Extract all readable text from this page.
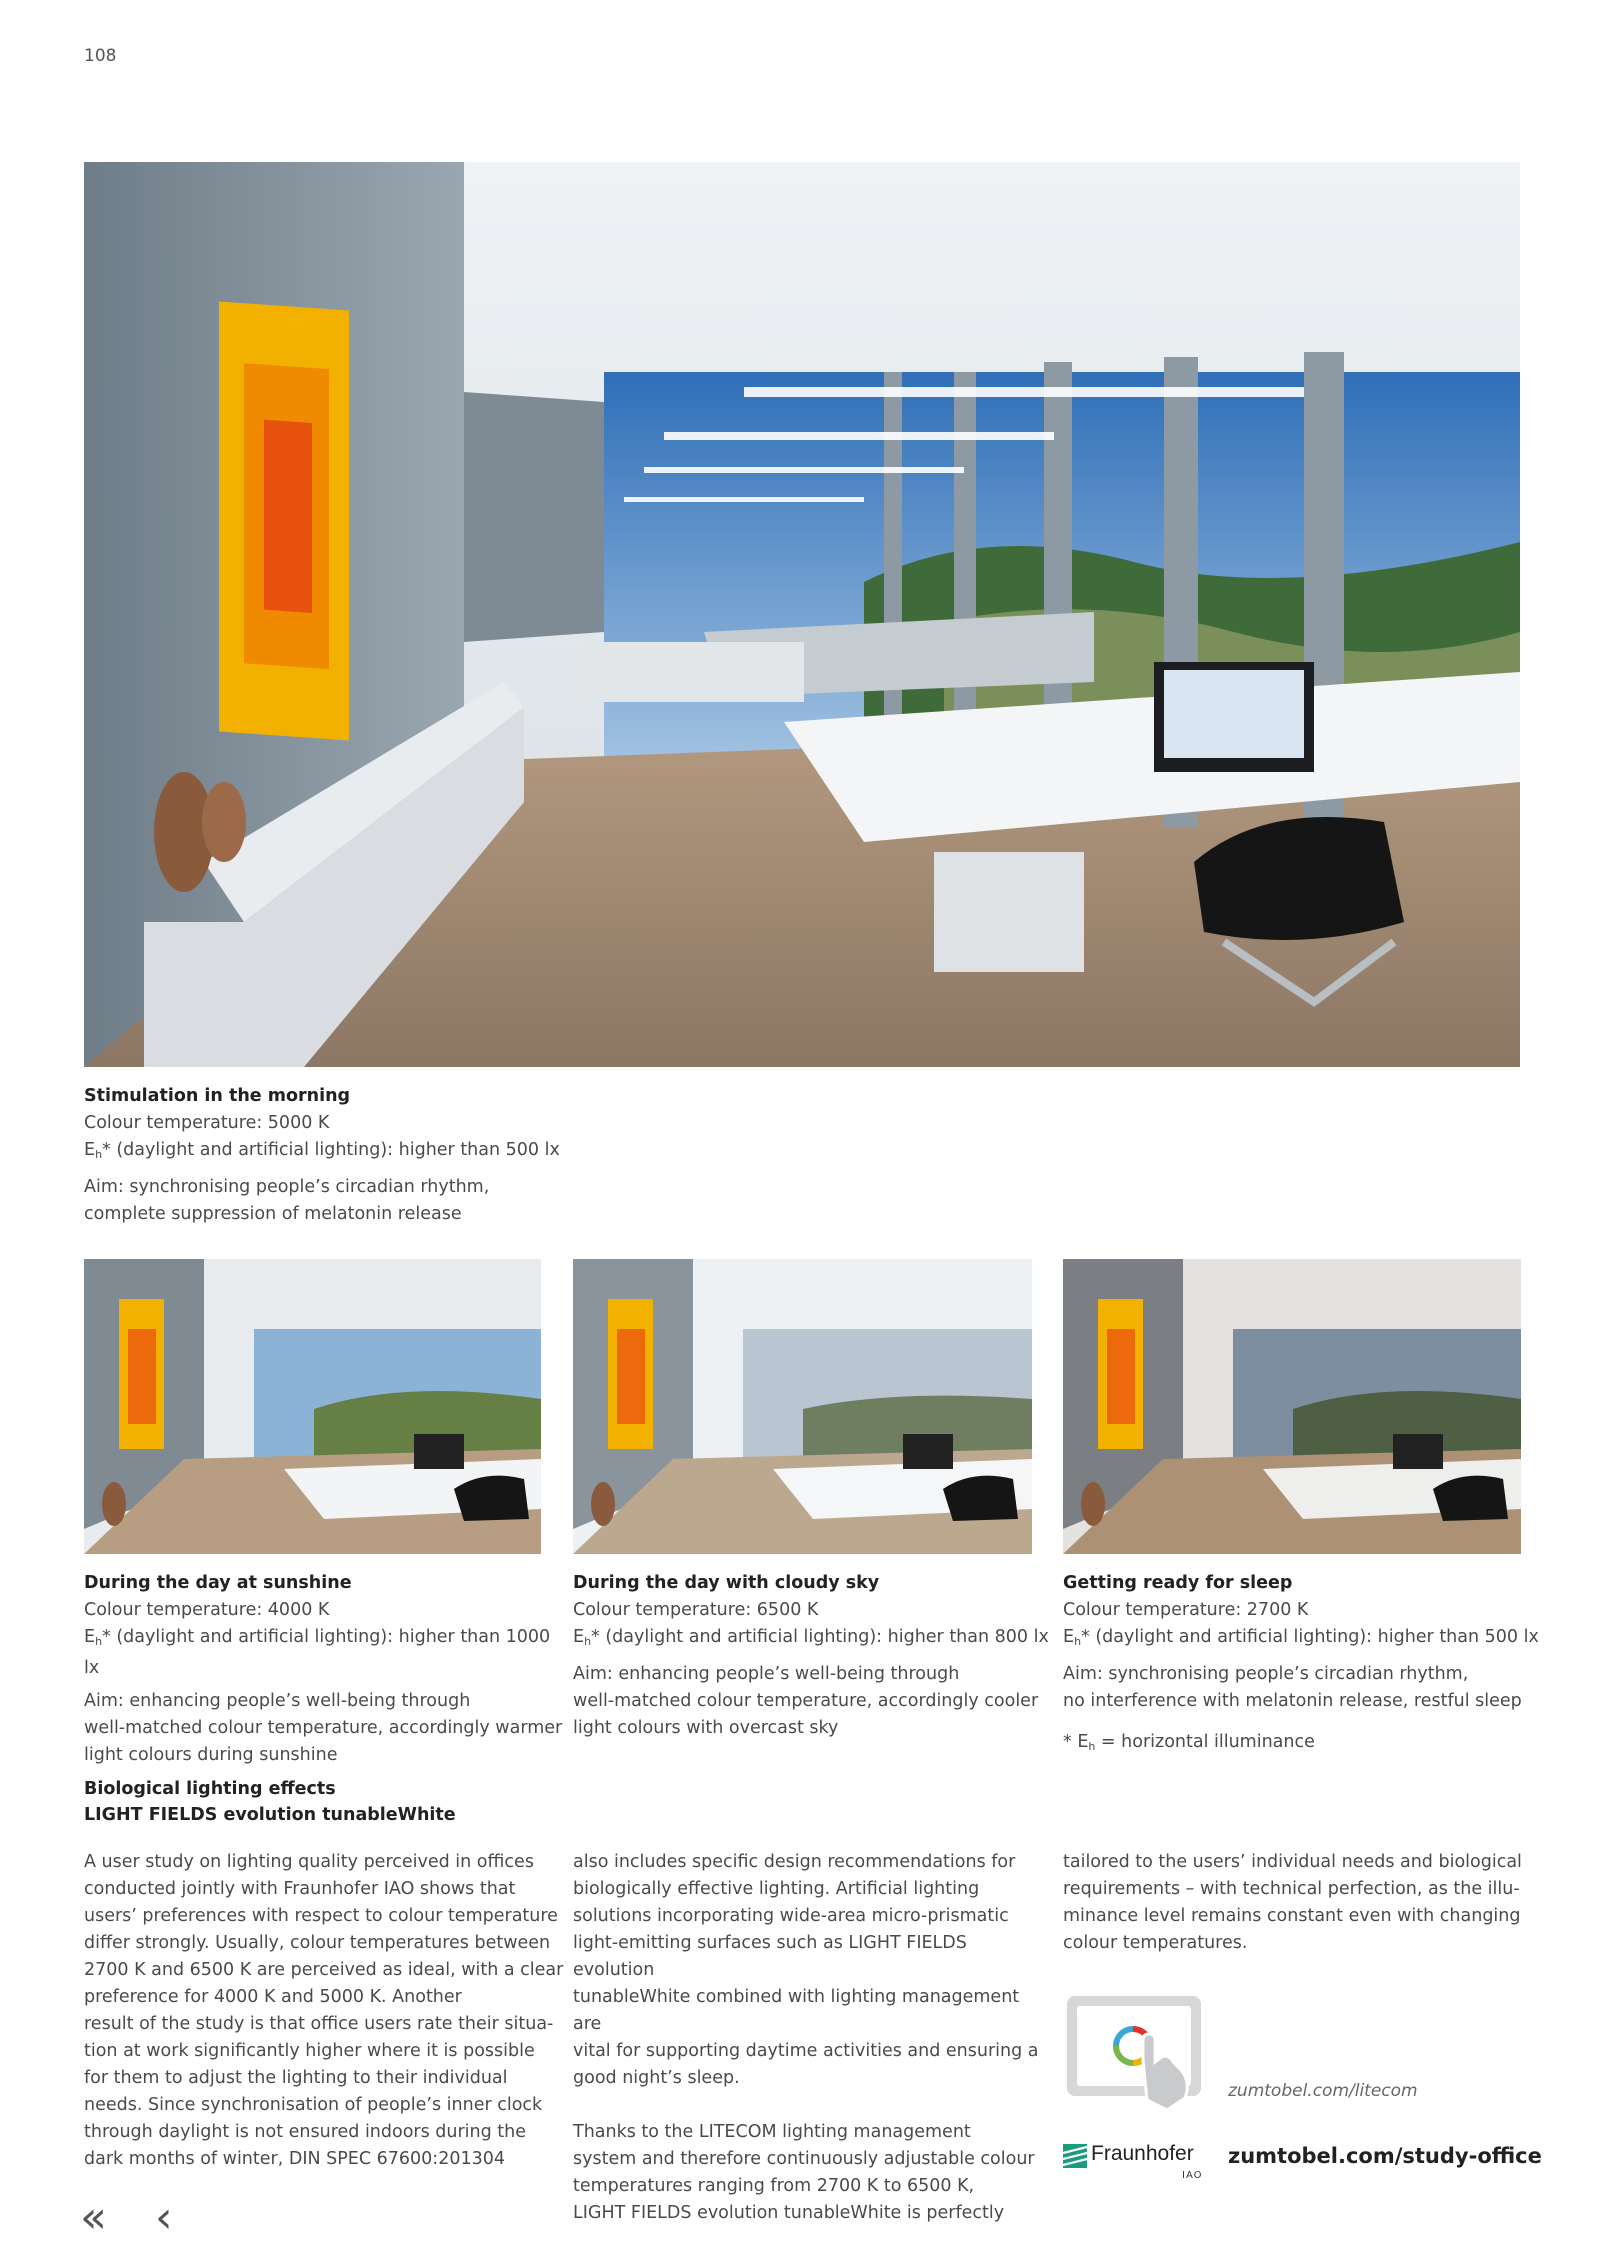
108
Stimulation in the morning
Colour temperature: 5000 K
$E_h*$ (daylight and artificial lighting): higher than 500 lx
Aim: synchronising people’s circadian rhythm,
complete suppression of melatonin release
During the day at sunshine
Colour temperature: 4000 K
$E_h*$ (daylight and artificial lighting): higher than 1000 lx
Aim: enhancing people’s well-being through
well-matched colour temperature, accordingly warmer
light colours during sunshine
During the day with cloudy sky
Colour temperature: 6500 K
$E_h*$ (daylight and artificial lighting): higher than 800 lx
Aim: enhancing people’s well-being through
well-matched colour temperature, accordingly cooler
light colours with overcast sky
Getting ready for sleep
Colour temperature: 2700 K
$E_h*$ (daylight and artificial lighting): higher than 500 lx
Aim: synchronising people’s circadian rhythm,
no interference with melatonin release, restful sleep
* $E_h$ = horizontal illuminance
Biological lighting effects
LIGHT FIELDS evolution tunableWhite
A user study on lighting quality perceived in offices
conducted jointly with Fraunhofer IAO shows that
users’ preferences with respect to colour temperature
differ strongly. Usually, colour temperatures between
2700 K and 6500 K are perceived as ideal, with a clear
preference for 4000 K and 5000 K. Another
result of the study is that office users rate their situa-
tion at work significantly higher where it is possible
for them to adjust the lighting to their individual
needs. Since synchronisation of people’s inner clock
through daylight is not ensured indoors during the
dark months of winter, DIN SPEC 67600:201304
also includes specific design recommendations for
biologically effective lighting. Artificial lighting
solutions incorporating wide-area micro-prismatic
light-emitting surfaces such as LIGHT FIELDS evolution
tunableWhite combined with lighting management are
vital for supporting daytime activities and ensuring a
good night’s sleep.
Thanks to the LITECOM lighting management
system and therefore continuously adjustable colour
temperatures ranging from 2700 K to 6500 K,
LIGHT FIELDS evolution tunableWhite is perfectly
tailored to the users’ individual needs and biological
requirements – with technical perfection, as the illu-
minance level remains constant even with changing
colour temperatures.
zumtobel.com/litecom
Fraunhofer
IAO
zumtobel.com/study-office
« ‹
